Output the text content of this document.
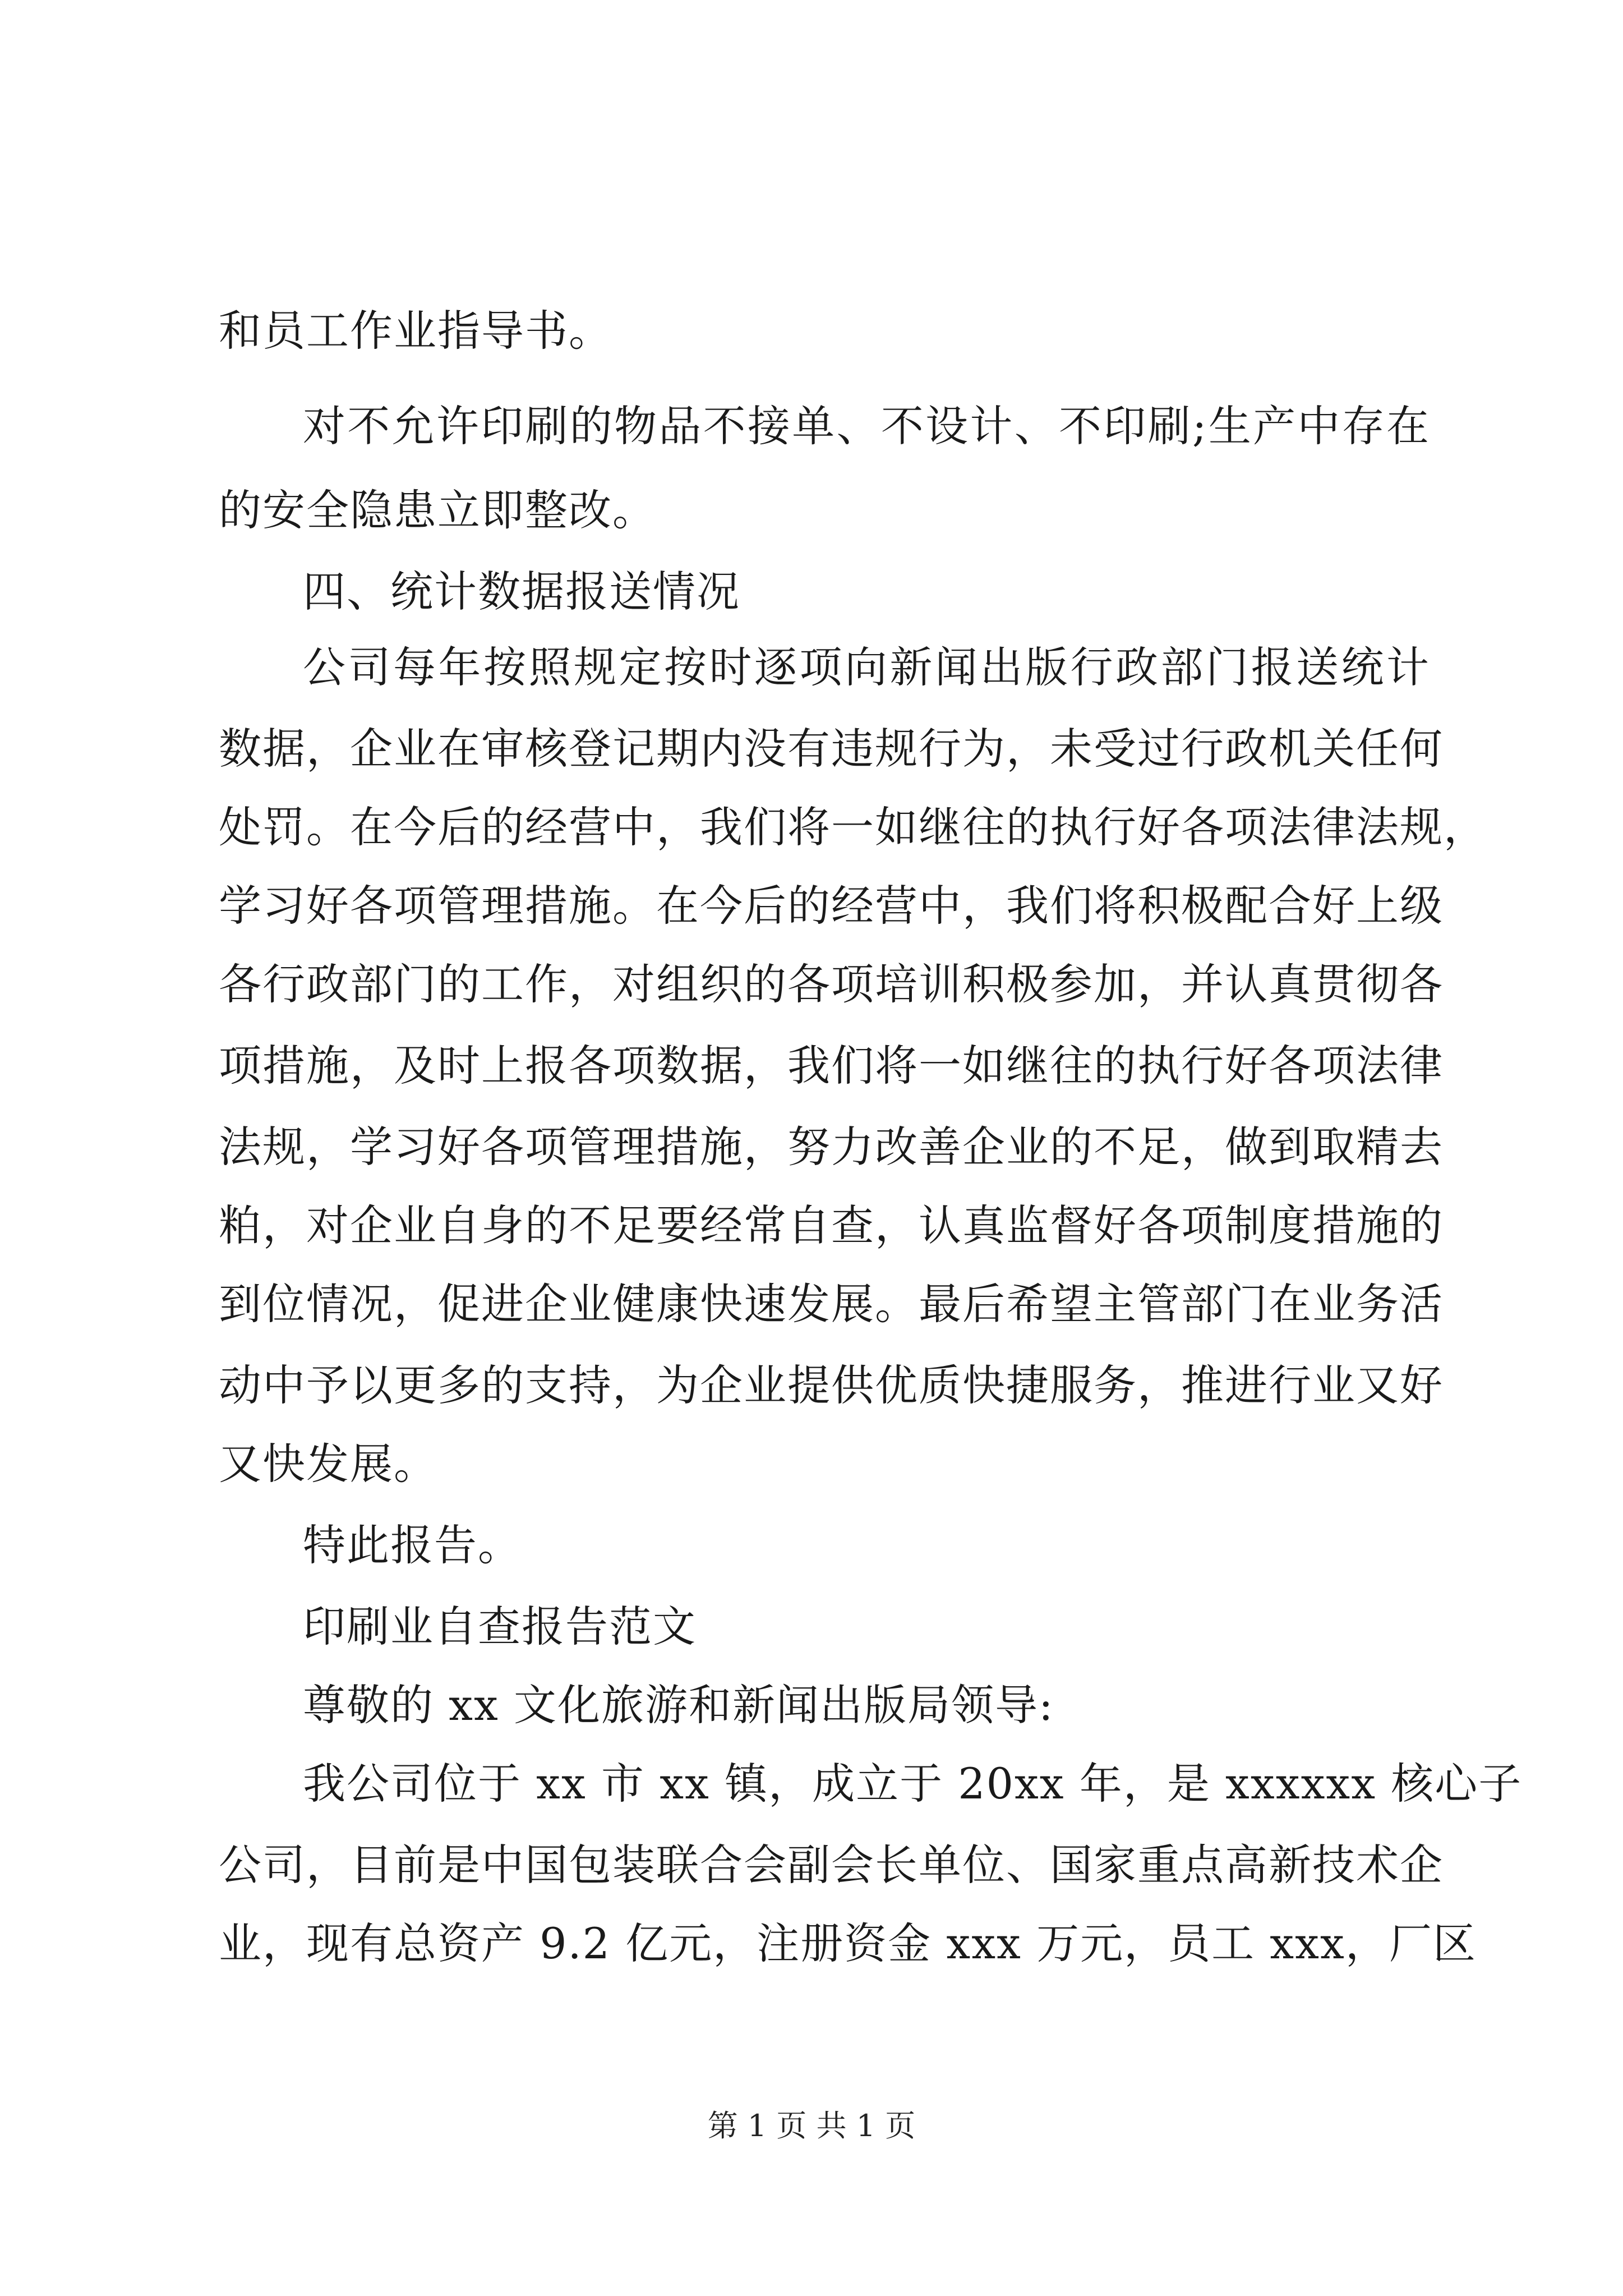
和员工作业指导书。
对不允许印刷的物品不接单、不设计、不印刷;生产中存在
的安全隐患立即整改。
四、统计数据报送情况
公司每年按照规定按时逐项向新闻出版行政部门报送统计
数据，企业在审核登记期内没有违规行为，未受过行政机关任何
处罚。在今后的经营中，我们将一如继往的执行好各项法律法规，
学习好各项管理措施。在今后的经营中，我们将积极配合好上级
各行政部门的工作，对组织的各项培训积极参加，并认真贯彻各
项措施，及时上报各项数据，我们将一如继往的执行好各项法律
法规，学习好各项管理措施，努力改善企业的不足，做到取精去
粕，对企业自身的不足要经常自查，认真监督好各项制度措施的
到位情况，促进企业健康快速发展。最后希望主管部门在业务活
动中予以更多的支持，为企业提供优质快捷服务，推进行业又好
又快发展。
特此报告。
印刷业自查报告范文
尊敬的 xx 文化旅游和新闻出版局领导:
我公司位于 xx 市 xx 镇，成立于 20xx 年，是 xxxxxx 核心子
公司，目前是中国包装联合会副会长单位、国家重点高新技术企
业，现有总资产 9.2 亿元，注册资金 xxx 万元，员工 xxx，厂区
第 1 页 共 1 页
